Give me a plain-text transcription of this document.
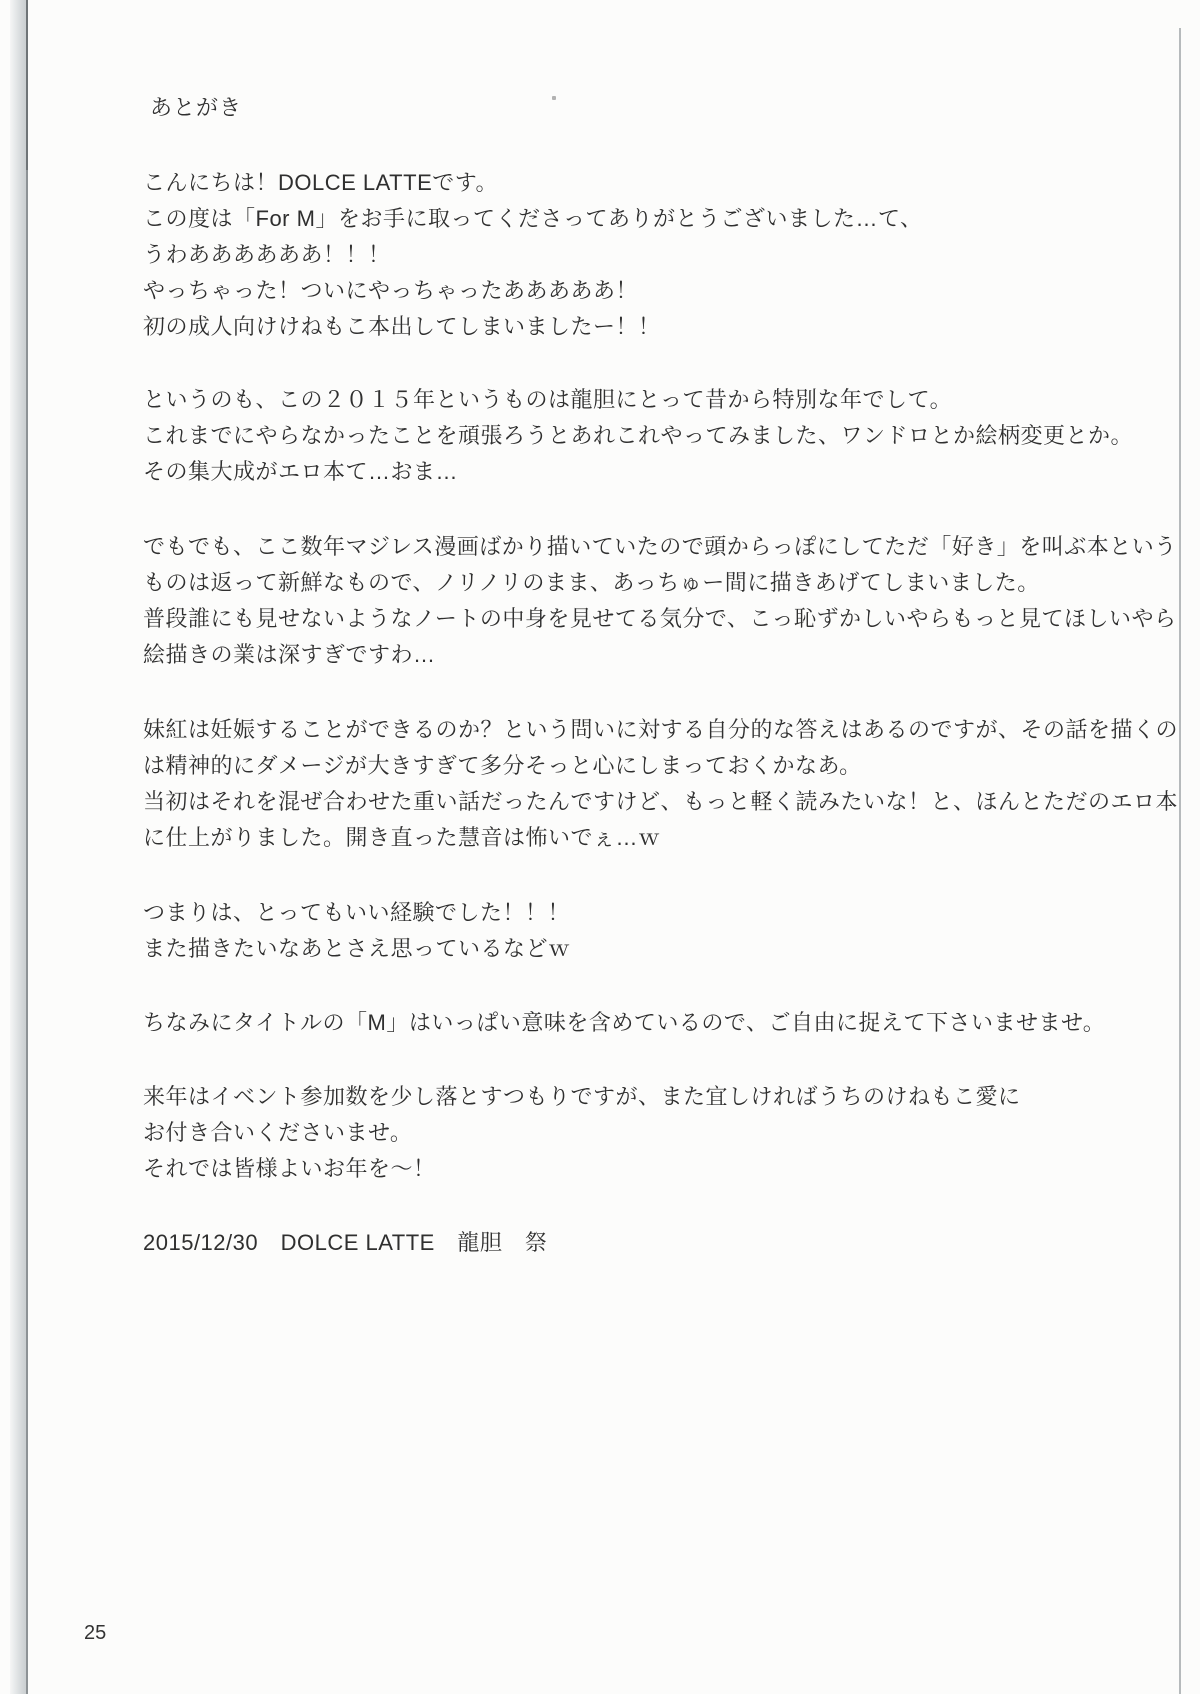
あとがき
こんにちは！DOLCE LATTEです。
この度は「For M」をお手に取ってくださってありがとうございました…て、
うわああああああ！！！
やっちゃった！ついにやっちゃったあああああ！
初の成人向けけねもこ本出してしまいましたー！！
というのも、この２０１５年というものは龍胆にとって昔から特別な年でして。
これまでにやらなかったことを頑張ろうとあれこれやってみました、ワンドロとか絵柄変更とか。
その集大成がエロ本て…おま…
でもでも、ここ数年マジレス漫画ばかり描いていたので頭からっぽにしてただ「好き」を叫ぶ本という
ものは返って新鮮なもので、ノリノリのまま、あっちゅー間に描きあげてしまいました。
普段誰にも見せないようなノートの中身を見せてる気分で、こっ恥ずかしいやらもっと見てほしいやら
絵描きの業は深すぎですわ…
妹紅は妊娠することができるのか？という問いに対する自分的な答えはあるのですが、その話を描くの
は精神的にダメージが大きすぎて多分そっと心にしまっておくかなあ。
当初はそれを混ぜ合わせた重い話だったんですけど、もっと軽く読みたいな！と、ほんとただのエロ本
に仕上がりました。開き直った慧音は怖いでぇ…ｗ
つまりは、とってもいい経験でした！！！
また描きたいなあとさえ思っているなどｗ
ちなみにタイトルの「M」はいっぱい意味を含めているので、ご自由に捉えて下さいませませ。
来年はイベント参加数を少し落とすつもりですが、また宜しければうちのけねもこ愛に
お付き合いくださいませ。
それでは皆様よいお年を～！
2015/12/30　DOLCE LATTE　龍胆　祭
25
